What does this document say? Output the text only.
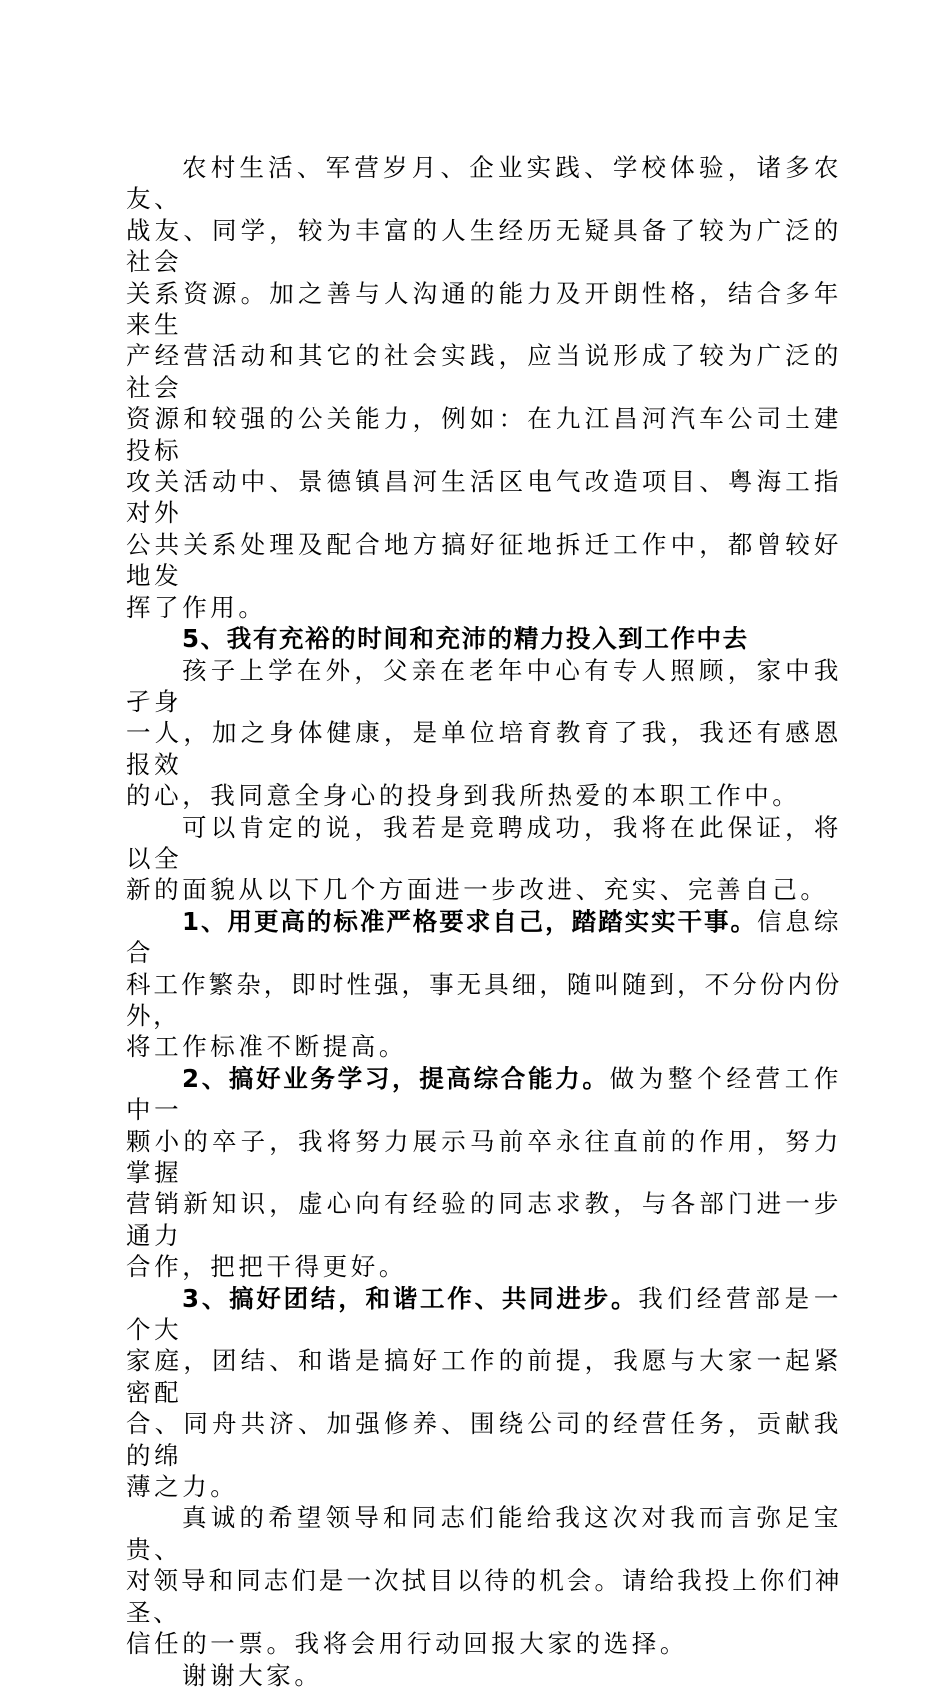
农村生活、军营岁月、企业实践、学校体验，诸多农友、
战友、同学，较为丰富的人生经历无疑具备了较为广泛的社会
关系资源。加之善与人沟通的能力及开朗性格，结合多年来生
产经营活动和其它的社会实践，应当说形成了较为广泛的社会
资源和较强的公关能力，例如：在九江昌河汽车公司土建投标
攻关活动中、景德镇昌河生活区电气改造项目、粤海工指对外
公共关系处理及配合地方搞好征地拆迁工作中，都曾较好地发
挥了作用。

5、我有充裕的时间和充沛的精力投入到工作中去

孩子上学在外，父亲在老年中心有专人照顾，家中我孑身
一人，加之身体健康，是单位培育教育了我，我还有感恩报效
的心，我同意全身心的投身到我所热爱的本职工作中。

可以肯定的说，我若是竞聘成功，我将在此保证，将以全
新的面貌从以下几个方面进一步改进、充实、完善自己。

1、用更高的标准严格要求自己，踏踏实实干事。信息综合
科工作繁杂，即时性强，事无具细，随叫随到，不分份内份外，
将工作标准不断提高。

2、搞好业务学习，提高综合能力。做为整个经营工作中一
颗小的卒子，我将努力展示马前卒永往直前的作用，努力掌握
营销新知识，虚心向有经验的同志求教，与各部门进一步通力
合作，把把干得更好。

3、搞好团结，和谐工作、共同进步。我们经营部是一个大
家庭，团结、和谐是搞好工作的前提，我愿与大家一起紧密配
合、同舟共济、加强修养、围绕公司的经营任务，贡献我的绵
薄之力。

真诚的希望领导和同志们能给我这次对我而言弥足宝贵、
对领导和同志们是一次拭目以待的机会。请给我投上你们神圣、
信任的一票。我将会用行动回报大家的选择。

谢谢大家。
